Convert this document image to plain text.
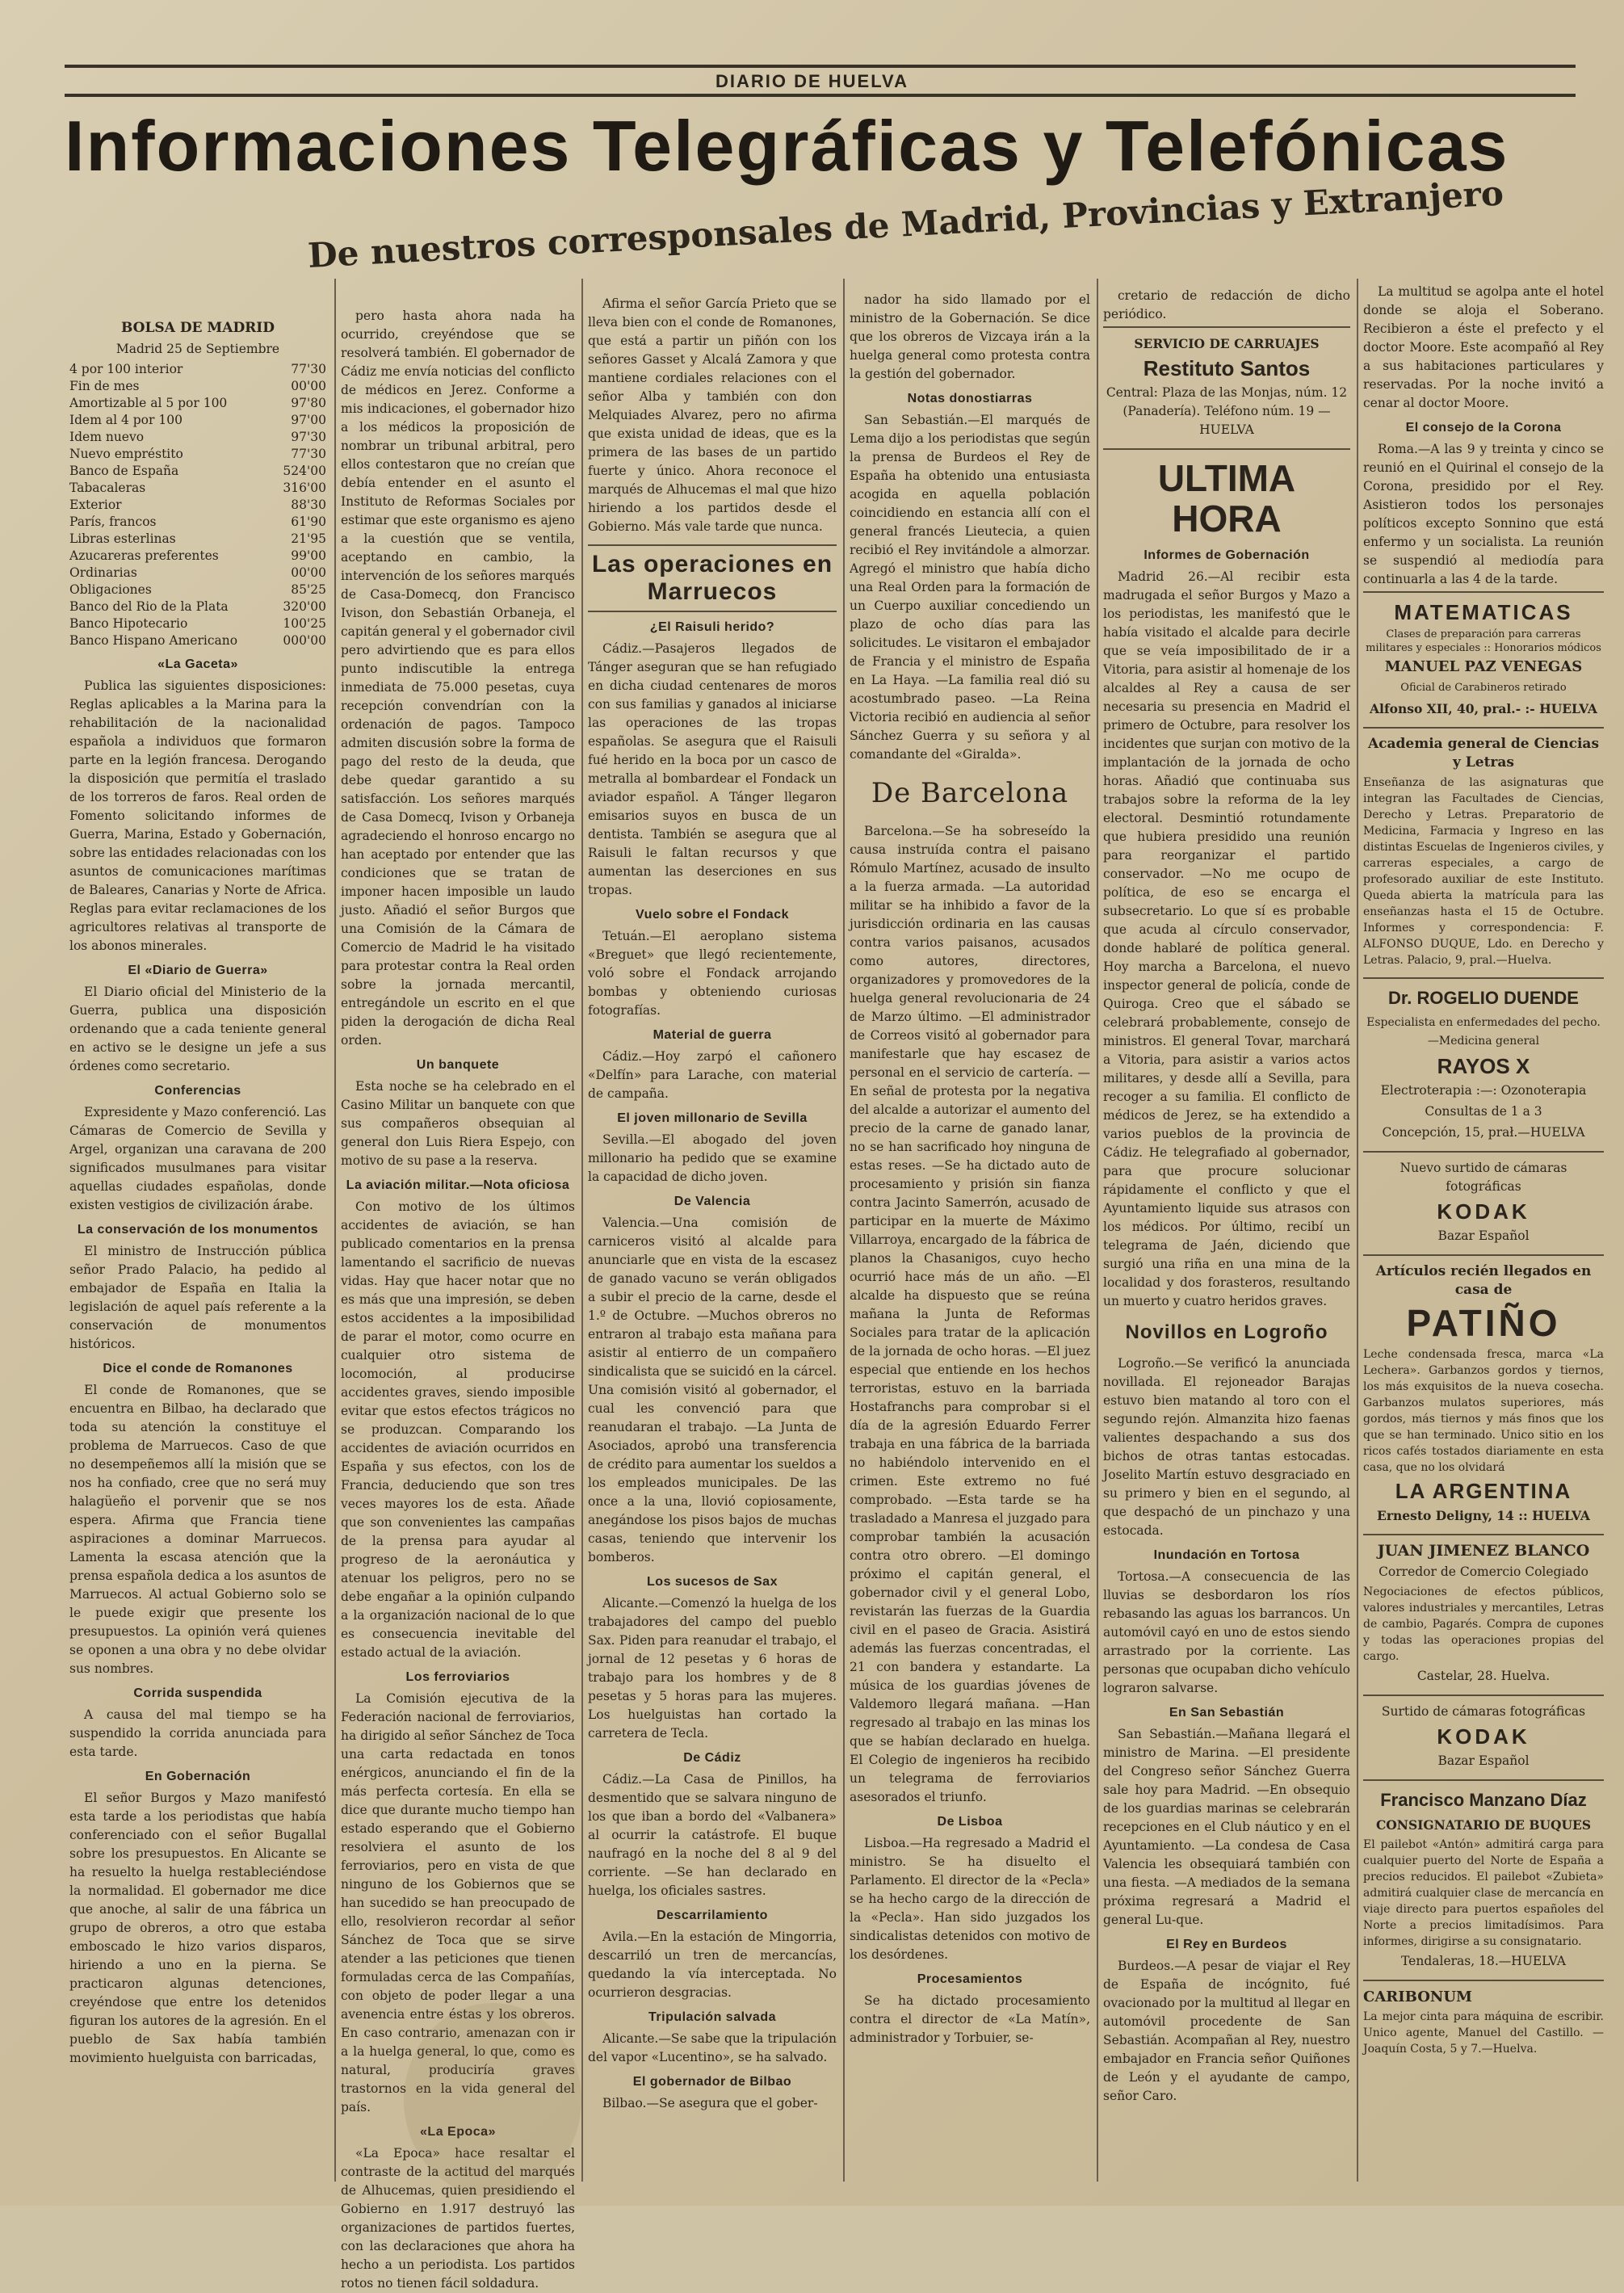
DIARIO DE HUELVA
Informaciones Telegráficas y Telefónicas
De nuestros corresponsales de Madrid, Provincias y Extranjero

BOLSA DE MADRID

Madrid 25 de Septiembre

4 por 100 interior	77'30
Fin de mes	00'00
Amortizable al 5 por 100	97'80
Idem al 4 por 100	97'00
Idem nuevo	97'30
Nuevo empréstito	77'30
Banco de España	524'00
Tabacaleras	316'00
Exterior	88'30
París, francos	61'90
Libras esterlinas	21'95
Azucareras preferentes	99'00
Ordinarias	00'00
Obligaciones	85'25
Banco del Rio de la Plata	320'00
Banco Hipotecario	100'25
Banco Hispano Americano	000'00
«La Gaceta»

Publica las siguientes disposiciones: Reglas aplicables a la Marina para la rehabilitación de la nacionalidad española a individuos que formaron parte en la legión francesa. Derogando la disposición que permitía el traslado de los torreros de faros. Real orden de Fomento solicitando informes de Guerra, Marina, Estado y Gobernación, sobre las entidades relacionadas con los asuntos de comunicaciones marítimas de Baleares, Canarias y Norte de Africa. Reglas para evitar reclamaciones de los agricultores relativas al transporte de los abonos minerales.

El «Diario de Guerra»

El Diario oficial del Ministerio de la Guerra, publica una disposición ordenando que a cada teniente general en activo se le designe un jefe a sus órdenes como secretario.

Conferencias

Expresidente y Mazo conferenció. Las Cámaras de Comercio de Sevilla y Argel, organizan una caravana de 200 significados musulmanes para visitar aquellas ciudades españolas, donde existen vestigios de civilización árabe.

La conservación de los monumentos

El ministro de Instrucción pública señor Prado Palacio, ha pedido al embajador de España en Italia la legislación de aquel país referente a la conservación de monumentos históricos.

Dice el conde de Romanones

El conde de Romanones, que se encuentra en Bilbao, ha declarado que toda su atención la constituye el problema de Marruecos. Caso de que no desempeñemos allí la misión que se nos ha confiado, cree que no será muy halagüeño el porvenir que se nos espera. Afirma que Francia tiene aspiraciones a dominar Marruecos. Lamenta la escasa atención que la prensa española dedica a los asuntos de Marruecos. Al actual Gobierno solo se le puede exigir que presente los presupuestos. La opinión verá quienes se oponen a una obra y no debe olvidar sus nombres.

Corrida suspendida

A causa del mal tiempo se ha suspendido la corrida anunciada para esta tarde.

En Gobernación

El señor Burgos y Mazo manifestó esta tarde a los periodistas que había conferenciado con el señor Bugallal sobre los presupuestos. En Alicante se ha resuelto la huelga restableciéndose la normalidad. El gobernador me dice que anoche, al salir de una fábrica un grupo de obreros, a otro que estaba emboscado le hizo varios disparos, hiriendo a uno en la pierna. Se practicaron algunas detenciones, creyéndose que entre los detenidos figuran los autores de la agresión. En el pueblo de Sax había también movimiento huelguista con barricadas,

pero hasta ahora nada ha ocurrido, creyéndose que se resolverá también. El gobernador de Cádiz me envía noticias del conflicto de médicos en Jerez. Conforme a mis indicaciones, el gobernador hizo a los médicos la proposición de nombrar un tribunal arbitral, pero ellos contestaron que no creían que debía entender en el asunto el Instituto de Reformas Sociales por estimar que este organismo es ajeno a la cuestión que se ventila, aceptando en cambio, la intervención de los señores marqués de Casa-Domecq, don Francisco Ivison, don Sebastián Orbaneja, el capitán general y el gobernador civil pero advirtiendo que es para ellos punto indiscutible la entrega inmediata de 75.000 pesetas, cuya recepción convendrían con la ordenación de pagos. Tampoco admiten discusión sobre la forma de pago del resto de la deuda, que debe quedar garantido a su satisfacción. Los señores marqués de Casa Domecq, Ivison y Orbaneja agradeciendo el honroso encargo no han aceptado por entender que las condiciones que se tratan de imponer hacen imposible un laudo justo. Añadió el señor Burgos que una Comisión de la Cámara de Comercio de Madrid le ha visitado para protestar contra la Real orden sobre la jornada mercantil, entregándole un escrito en el que piden la derogación de dicha Real orden.

Un banquete

Esta noche se ha celebrado en el Casino Militar un banquete con que sus compañeros obsequian al general don Luis Riera Espejo, con motivo de su pase a la reserva.

La aviación militar.—Nota oficiosa

Con motivo de los últimos accidentes de aviación, se han publicado comentarios en la prensa lamentando el sacrificio de nuevas vidas. Hay que hacer notar que no es más que una impresión, se deben estos accidentes a la imposibilidad de parar el motor, como ocurre en cualquier otro sistema de locomoción, al producirse accidentes graves, siendo imposible evitar que estos efectos trágicos no se produzcan. Comparando los accidentes de aviación ocurridos en España y sus efectos, con los de Francia, deduciendo que son tres veces mayores los de esta. Añade que son convenientes las campañas de la prensa para ayudar al progreso de la aeronáutica y atenuar los peligros, pero no se debe engañar a la opinión culpando a la organización nacional de lo que es consecuencia inevitable del estado actual de la aviación.

Los ferroviarios

La Comisión ejecutiva de la Federación nacional de ferroviarios, ha dirigido al señor Sánchez de Toca una carta redactada en tonos enérgicos, anunciando el fin de la más perfecta cortesía. En ella se dice que durante mucho tiempo han estado esperando que el Gobierno resolviera el asunto de los ferroviarios, pero en vista de que ninguno de los Gobiernos que se han sucedido se han preocupado de ello, resolvieron recordar al señor Sánchez de Toca que se sirve atender a las peticiones que tienen formuladas cerca de las Compañías, con objeto de poder llegar a una avenencia entre éstas y los obreros. En caso contrario, amenazan con ir a la huelga general, lo que, como es natural, produciría graves trastornos en la vida general del país.

«La Epoca»

«La Epoca» hace resaltar el contraste de la actitud del marqués de Alhucemas, quien presidiendo el Gobierno en 1.917 destruyó las organizaciones de partidos fuertes, con las declaraciones que ahora ha hecho a un periodista. Los partidos rotos no tienen fácil soldadura.

Afirma el señor García Prieto que se lleva bien con el conde de Romanones, que está a partir un piñón con los señores Gasset y Alcalá Zamora y que mantiene cordiales relaciones con el señor Alba y también con don Melquiades Alvarez, pero no afirma que exista unidad de ideas, que es la primera de las bases de un partido fuerte y único. Ahora reconoce el marqués de Alhucemas el mal que hizo hiriendo a los partidos desde el Gobierno. Más vale tarde que nunca.

Las operaciones en Marruecos
¿El Raisuli herido?

Cádiz.—Pasajeros llegados de Tánger aseguran que se han refugiado en dicha ciudad centenares de moros con sus familias y ganados al iniciarse las operaciones de las tropas españolas. Se asegura que el Raisuli fué herido en la boca por un casco de metralla al bombardear el Fondack un aviador español. A Tánger llegaron emisarios suyos en busca de un dentista. También se asegura que al Raisuli le faltan recursos y que aumentan las deserciones en sus tropas.

Vuelo sobre el Fondack

Tetuán.—El aeroplano sistema «Breguet» que llegó recientemente, voló sobre el Fondack arrojando bombas y obteniendo curiosas fotografías.

Material de guerra

Cádiz.—Hoy zarpó el cañonero «Delfín» para Larache, con material de campaña.

El joven millonario de Sevilla

Sevilla.—El abogado del joven millonario ha pedido que se examine la capacidad de dicho joven.

De Valencia

Valencia.—Una comisión de carniceros visitó al alcalde para anunciarle que en vista de la escasez de ganado vacuno se verán obligados a subir el precio de la carne, desde el 1.º de Octubre. —Muchos obreros no entraron al trabajo esta mañana para asistir al entierro de un compañero sindicalista que se suicidó en la cárcel. Una comisión visitó al gobernador, el cual les convenció para que reanudaran el trabajo. —La Junta de Asociados, aprobó una transferencia de crédito para aumentar los sueldos a los empleados municipales. De las once a la una, llovió copiosamente, anegándose los pisos bajos de muchas casas, teniendo que intervenir los bomberos.

Los sucesos de Sax

Alicante.—Comenzó la huelga de los trabajadores del campo del pueblo Sax. Piden para reanudar el trabajo, el jornal de 12 pesetas y 6 horas de trabajo para los hombres y de 8 pesetas y 5 horas para las mujeres. Los huelguistas han cortado la carretera de Tecla.

De Cádiz

Cádiz.—La Casa de Pinillos, ha desmentido que se salvara ninguno de los que iban a bordo del «Valbanera» al ocurrir la catástrofe. El buque naufragó en la noche del 8 al 9 del corriente. —Se han declarado en huelga, los oficiales sastres.

Descarrilamiento

Avila.—En la estación de Mingorria, descarriló un tren de mercancías, quedando la vía interceptada. No ocurrieron desgracias.

Tripulación salvada

Alicante.—Se sabe que la tripulación del vapor «Lucentino», se ha salvado.

El gobernador de Bilbao

Bilbao.—Se asegura que el gober-

nador ha sido llamado por el ministro de la Gobernación. Se dice que los obreros de Vizcaya irán a la huelga general como protesta contra la gestión del gobernador.

Notas donostiarras

San Sebastián.—El marqués de Lema dijo a los periodistas que según la prensa de Burdeos el Rey de España ha obtenido una entusiasta acogida en aquella población coincidiendo en estancia allí con el general francés Lieutecia, a quien recibió el Rey invitándole a almorzar. Agregó el ministro que había dicho una Real Orden para la formación de un Cuerpo auxiliar concediendo un plazo de ocho días para las solicitudes. Le visitaron el embajador de Francia y el ministro de España en La Haya. —La familia real dió su acostumbrado paseo. —La Reina Victoria recibió en audiencia al señor Sánchez Guerra y su señora y al comandante del «Giralda».

De Barcelona

Barcelona.—Se ha sobreseído la causa instruída contra el paisano Rómulo Martínez, acusado de insulto a la fuerza armada. —La autoridad militar se ha inhibido a favor de la jurisdicción ordinaria en las causas contra varios paisanos, acusados como autores, directores, organizadores y promovedores de la huelga general revolucionaria de 24 de Marzo último. —El administrador de Correos visitó al gobernador para manifestarle que hay escasez de personal en el servicio de cartería. —En señal de protesta por la negativa del alcalde a autorizar el aumento del precio de la carne de ganado lanar, no se han sacrificado hoy ninguna de estas reses. —Se ha dictado auto de procesamiento y prisión sin fianza contra Jacinto Samerrón, acusado de participar en la muerte de Máximo Villarroya, encargado de la fábrica de planos la Chasanigos, cuyo hecho ocurrió hace más de un año. —El alcalde ha dispuesto que se reúna mañana la Junta de Reformas Sociales para tratar de la aplicación de la jornada de ocho horas. —El juez especial que entiende en los hechos terroristas, estuvo en la barriada Hostafranchs para comprobar si el día de la agresión Eduardo Ferrer trabaja en una fábrica de la barriada no habiéndolo intervenido en el crimen. Este extremo no fué comprobado. —Esta tarde se ha trasladado a Manresa el juzgado para comprobar también la acusación contra otro obrero. —El domingo próximo el capitán general, el gobernador civil y el general Lobo, revistarán las fuerzas de la Guardia civil en el paseo de Gracia. Asistirá además las fuerzas concentradas, el 21 con bandera y estandarte. La música de los guardias jóvenes de Valdemoro llegará mañana. —Han regresado al trabajo en las minas los que se habían declarado en huelga. El Colegio de ingenieros ha recibido un telegrama de ferroviarios asesorados el triunfo.

De Lisboa

Lisboa.—Ha regresado a Madrid el ministro. Se ha disuelto el Parlamento. El director de la «Pecla» se ha hecho cargo de la dirección de la «Pecla». Han sido juzgados los sindicalistas detenidos con motivo de los desórdenes.

Procesamientos

Se ha dictado procesamiento contra el director de «La Matín», administrador y Torbuier, se-

cretario de redacción de dicho periódico.

SERVICIO DE CARRUAJES

Restituto Santos

Central: Plaza de las Monjas, núm. 12 (Panadería). Teléfono núm. 19 — HUELVA

ULTIMA HORA
Informes de Gobernación

Madrid 26.—Al recibir esta madrugada el señor Burgos y Mazo a los periodistas, les manifestó que le había visitado el alcalde para decirle que se veía imposibilitado de ir a Vitoria, para asistir al homenaje de los alcaldes al Rey a causa de ser necesaria su presencia en Madrid el primero de Octubre, para resolver los incidentes que surjan con motivo de la implantación de la jornada de ocho horas. Añadió que continuaba sus trabajos sobre la reforma de la ley electoral. Desmintió rotundamente que hubiera presidido una reunión para reorganizar el partido conservador. —No me ocupo de política, de eso se encarga el subsecretario. Lo que sí es probable que acuda al círculo conservador, donde hablaré de política general. Hoy marcha a Barcelona, el nuevo inspector general de policía, conde de Quiroga. Creo que el sábado se celebrará probablemente, consejo de ministros. El general Tovar, marchará a Vitoria, para asistir a varios actos militares, y desde allí a Sevilla, para recoger a su familia. El conflicto de médicos de Jerez, se ha extendido a varios pueblos de la provincia de Cádiz. He telegrafiado al gobernador, para que procure solucionar rápidamente el conflicto y que el Ayuntamiento liquide sus atrasos con los médicos. Por último, recibí un telegrama de Jaén, diciendo que surgió una riña en una mina de la localidad y dos forasteros, resultando un muerto y cuatro heridos graves.

Novillos en Logroño

Logroño.—Se verificó la anunciada novillada. El rejoneador Barajas estuvo bien matando al toro con el segundo rejón. Almanzita hizo faenas valientes despachando a sus dos bichos de otras tantas estocadas. Joselito Martín estuvo desgraciado en su primero y bien en el segundo, al que despachó de un pinchazo y una estocada.

Inundación en Tortosa

Tortosa.—A consecuencia de las lluvias se desbordaron los ríos rebasando las aguas los barrancos. Un automóvil cayó en uno de estos siendo arrastrado por la corriente. Las personas que ocupaban dicho vehículo lograron salvarse.

En San Sebastián

San Sebastián.—Mañana llegará el ministro de Marina. —El presidente del Congreso señor Sánchez Guerra sale hoy para Madrid. —En obsequio de los guardias marinas se celebrarán recepciones en el Club náutico y en el Ayuntamiento. —La condesa de Casa Valencia les obsequiará también con una fiesta. —A mediados de la semana próxima regresará a Madrid el general Lu-que.

El Rey en Burdeos

Burdeos.—A pesar de viajar el Rey de España de incógnito, fué ovacionado por la multitud al llegar en automóvil procedente de San Sebastián. Acompañan al Rey, nuestro embajador en Francia señor Quiñones de León y el ayudante de campo, señor Caro.

La multitud se agolpa ante el hotel donde se aloja el Soberano. Recibieron a éste el prefecto y el doctor Moore. Este acompañó al Rey a sus habitaciones particulares y reservadas. Por la noche invitó a cenar al doctor Moore.

El consejo de la Corona

Roma.—A las 9 y treinta y cinco se reunió en el Quirinal el consejo de la Corona, presidido por el Rey. Asistieron todos los personajes políticos excepto Sonnino que está enfermo y un socialista. La reunión se suspendió al mediodía para continuarla a las 4 de la tarde.

MATEMATICAS

Clases de preparación para carreras militares y especiales :: Honorarios módicos

MANUEL PAZ VENEGAS

Oficial de Carabineros retirado

Alfonso XII, 40, pral.- :- HUELVA

Academia general de Ciencias y Letras

Enseñanza de las asignaturas que integran las Facultades de Ciencias, Derecho y Letras. Preparatorio de Medicina, Farmacia y Ingreso en las distintas Escuelas de Ingenieros civiles, y carreras especiales, a cargo de profesorado auxiliar de este Instituto. Queda abierta la matrícula para las enseñanzas hasta el 15 de Octubre. Informes y correspondencia: F. ALFONSO DUQUE, Ldo. en Derecho y Letras. Palacio, 9, pral.—Huelva.

Dr. ROGELIO DUENDE

Especialista en enfermedades del pecho.—Medicina general

RAYOS X

Electroterapia :—: Ozonoterapia

Consultas de 1 a 3

Concepción, 15, prał.—HUELVA

Nuevo surtido de cámaras fotográficas

KODAK

Bazar Español

Artículos recién llegados en casa de

PATIÑO

Leche condensada fresca, marca «La Lechera». Garbanzos gordos y tiernos, los más exquisitos de la nueva cosecha. Garbanzos mulatos superiores, más gordos, más tiernos y más finos que los que se han terminado. Unico sitio en los ricos cafés tostados diariamente en esta casa, que no los olvidará

LA ARGENTINA

Ernesto Deligny, 14 :: HUELVA

JUAN JIMENEZ BLANCO

Corredor de Comercio Colegiado

Negociaciones de efectos públicos, valores industriales y mercantiles, Letras de cambio, Pagarés. Compra de cupones y todas las operaciones propias del cargo.

Castelar, 28. Huelva.

Surtido de cámaras fotográficas

KODAK

Bazar Español

Francisco Manzano Díaz

CONSIGNATARIO DE BUQUES

El pailebot «Antón» admitirá carga para cualquier puerto del Norte de España a precios reducidos. El pailebot «Zubieta» admitirá cualquier clase de mercancía en viaje directo para puertos españoles del Norte a precios limitadísimos. Para informes, dirigirse a su consignatario.

Tendaleras, 18.—HUELVA

CARIBONUM

La mejor cinta para máquina de escribir. Unico agente, Manuel del Castillo. —Joaquín Costa, 5 y 7.—Huelva.
